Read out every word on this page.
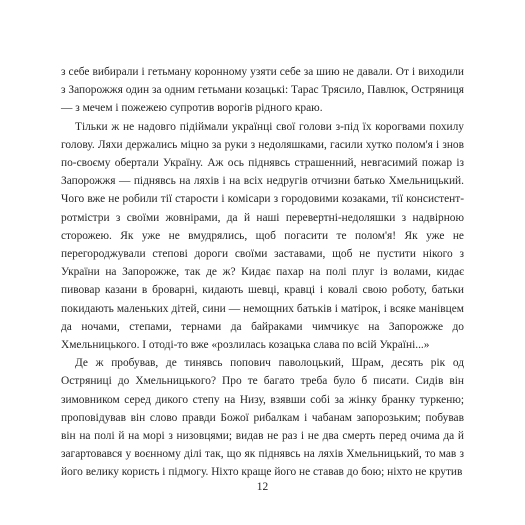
з себе вибирали і гетьману коронному узяти себе за шию не давали. От і виходили з Запорожжя один за одним гетьмани козацькі: Тарас Трясило, Павлюк, Остряниця — з мечем і пожежею супротив ворогів рідного краю.

Тільки ж не надовго підіймали українці свої голови з-під їх корогвами похилу голову. Ляхи держались міцно за руки з недоляшками, гасили хутко полом'я і знов по-своєму обертали Україну. Аж ось піднявсь страшенний, невгасимий пожар із Запорожжя — піднявсь на ляхів і на всіх недругів отчизни батько Хмельницький. Чого вже не робили тії старости і комісари з городовими козаками, тії консистент-ротмістри з своїми жовнірами, да й наші перевертні-недоляшки з надвірною сторожею. Як уже не вмудрялись, щоб погасити те полом'я! Як уже не перегороджували степові дороги своїми заставами, щоб не пустити нікого з України на Запорожже, так де ж? Кидає пахар на полі плуг із волами, кидає пивовар казани в броварні, кидають шевці, кравці і ковалі свою роботу, батьки покидають маленьких дітей, сини — немощних батьків і матірок, і всяке манівцем да ночами, степами, тернами да байраками чимчикує на Запорожже до Хмельницького. І отоді-то вже «розлилась козацька слава по всій Україні...»

Де ж пробував, де тинявсь попович паволоцький, Шрам, десять рік од Остряниці до Хмельницького? Про те багато треба було б писати. Сидів він зимовником серед дикого степу на Низу, взявши собі за жінку бранку туркеню; проповідував він слово правди Божої рибалкам і чабанам запорозьким; побував він на полі й на морі з низовцями; видав не раз і не два смерть перед очима да й загартовався у воєнному ділі так, що як піднявсь на ляхів Хмельницький, то мав з його велику користь і підмогу. Ніхто краще його не ставав до бою; ніхто не крутив

12
